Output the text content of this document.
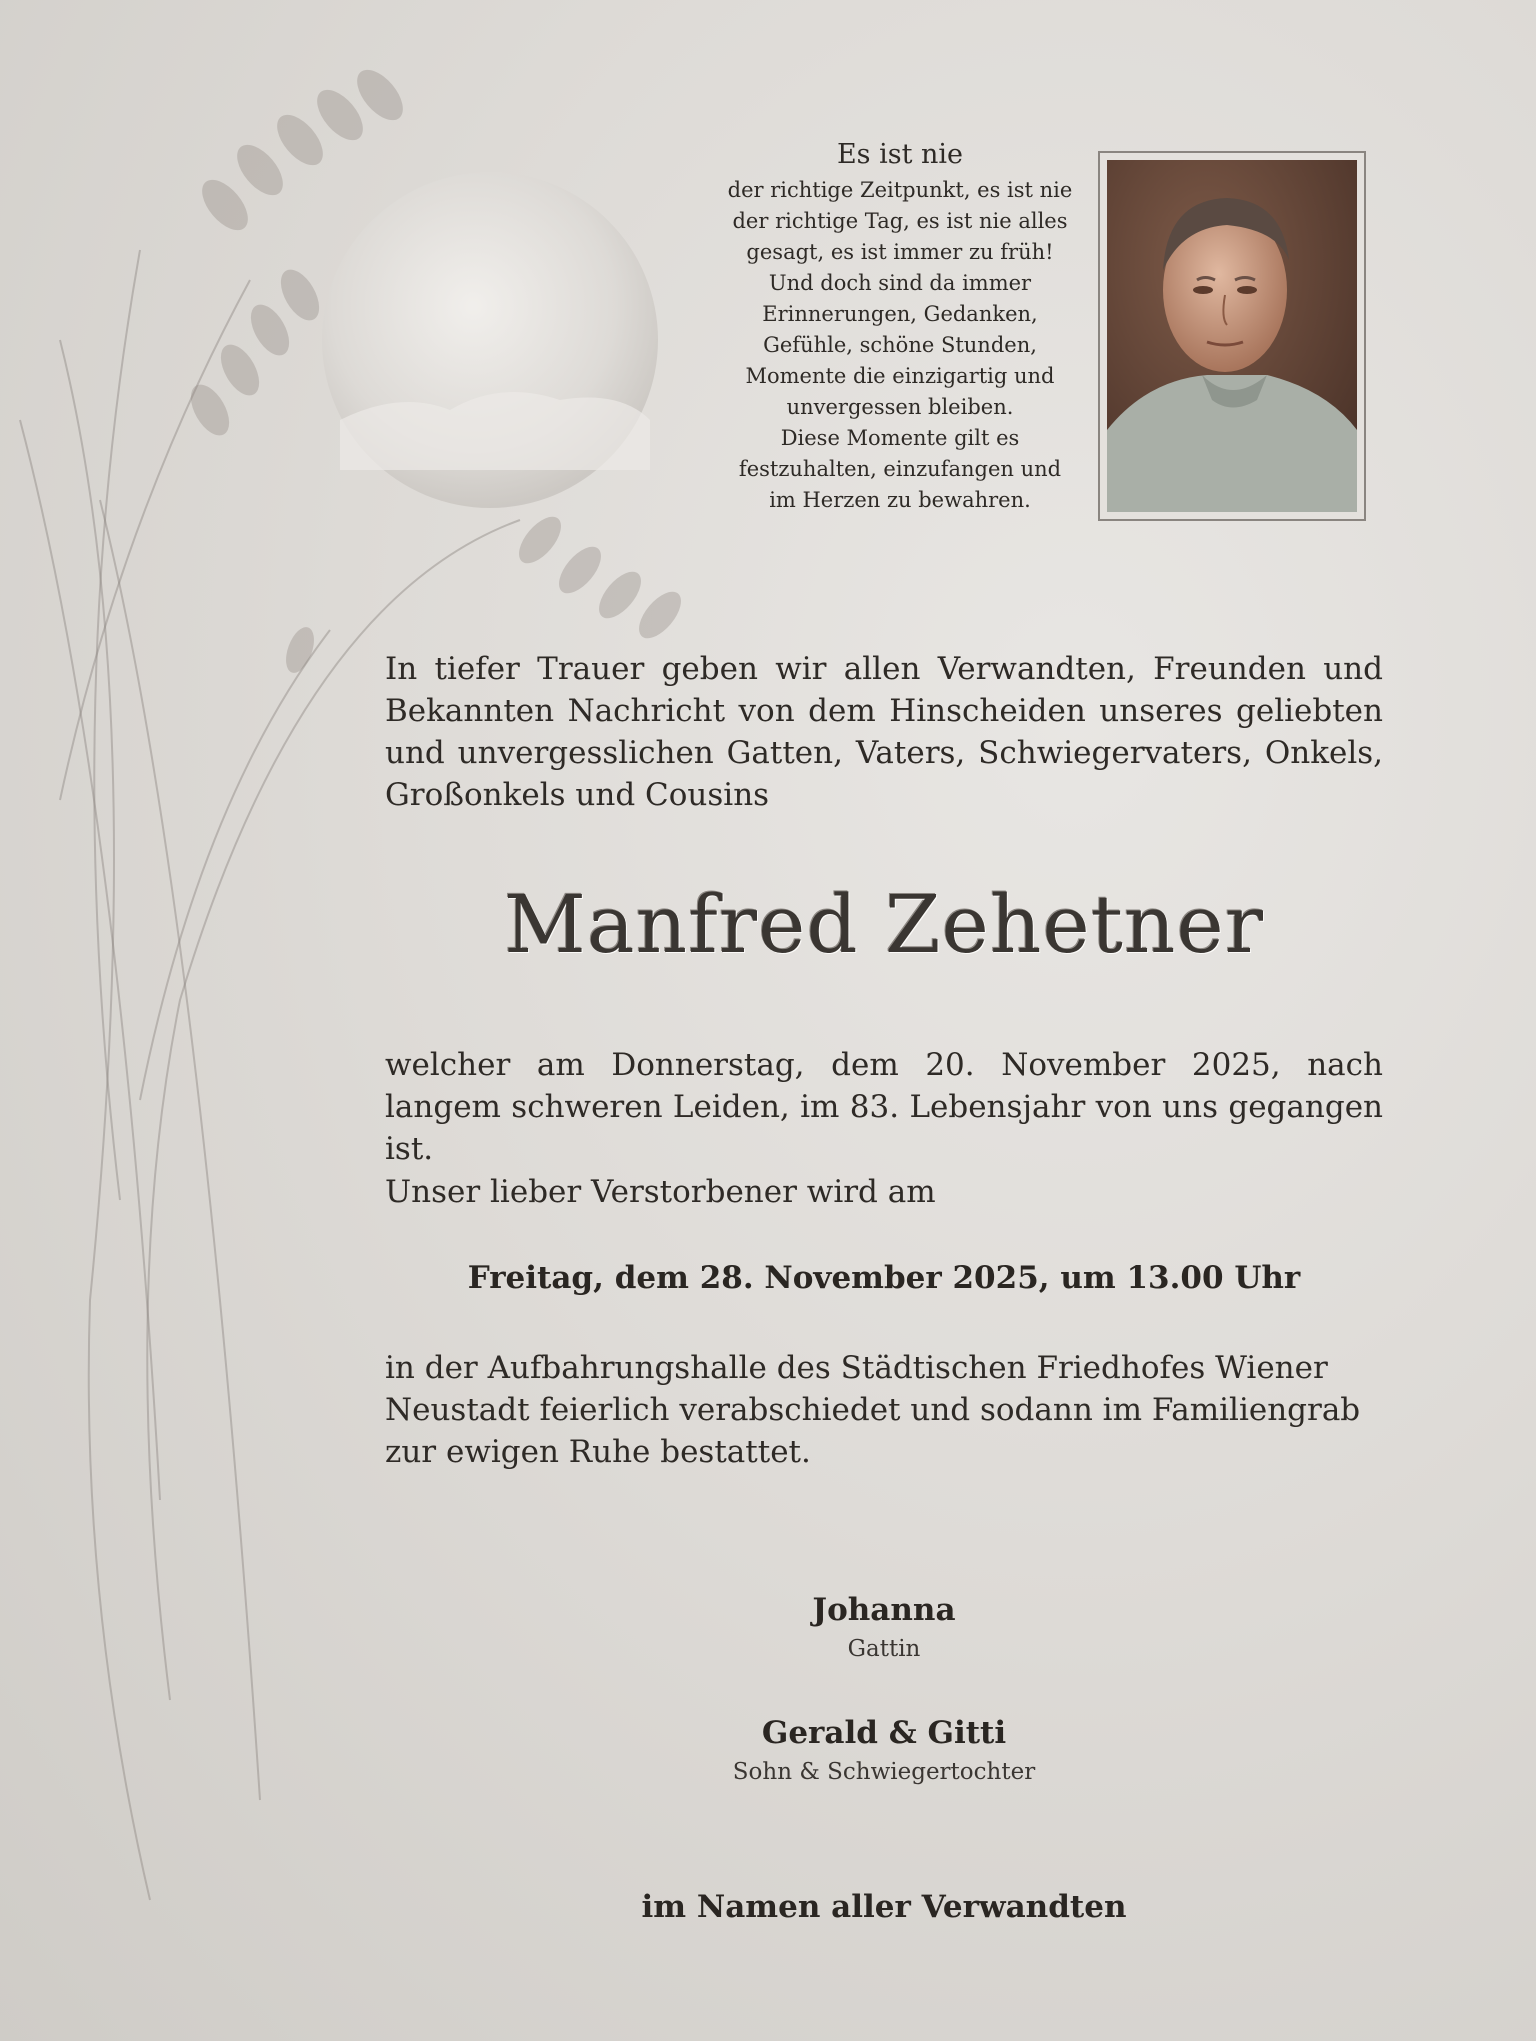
Es ist nie
der richtige Zeitpunkt, es ist nie
der richtige Tag, es ist nie alles
gesagt, es ist immer zu früh!
Und doch sind da immer
Erinnerungen, Gedanken,
Gefühle, schöne Stunden,
Momente die einzigartig und
unvergessen bleiben.
Diese Momente gilt es
festzuhalten, einzufangen und
im Herzen zu bewahren.
In tiefer Trauer geben wir allen Verwandten, Freunden und Bekannten Nachricht von dem Hinscheiden unseres geliebten und unvergesslichen Gatten, Vaters, Schwiegervaters, Onkels, Großonkels und Cousins
Manfred Zehetner
welcher am Donnerstag, dem 20. November 2025, nach langem schweren Leiden, im 83. Lebensjahr von uns gegangen ist.
Unser lieber Verstorbener wird am
Freitag, dem 28. November 2025, um 13.00 Uhr
in der Aufbahrungshalle des Städtischen Friedhofes Wiener Neustadt feierlich verabschiedet und sodann im Familiengrab zur ewigen Ruhe bestattet.
Johanna
Gattin
Gerald & Gitti
Sohn & Schwiegertochter
im Namen aller Verwandten
